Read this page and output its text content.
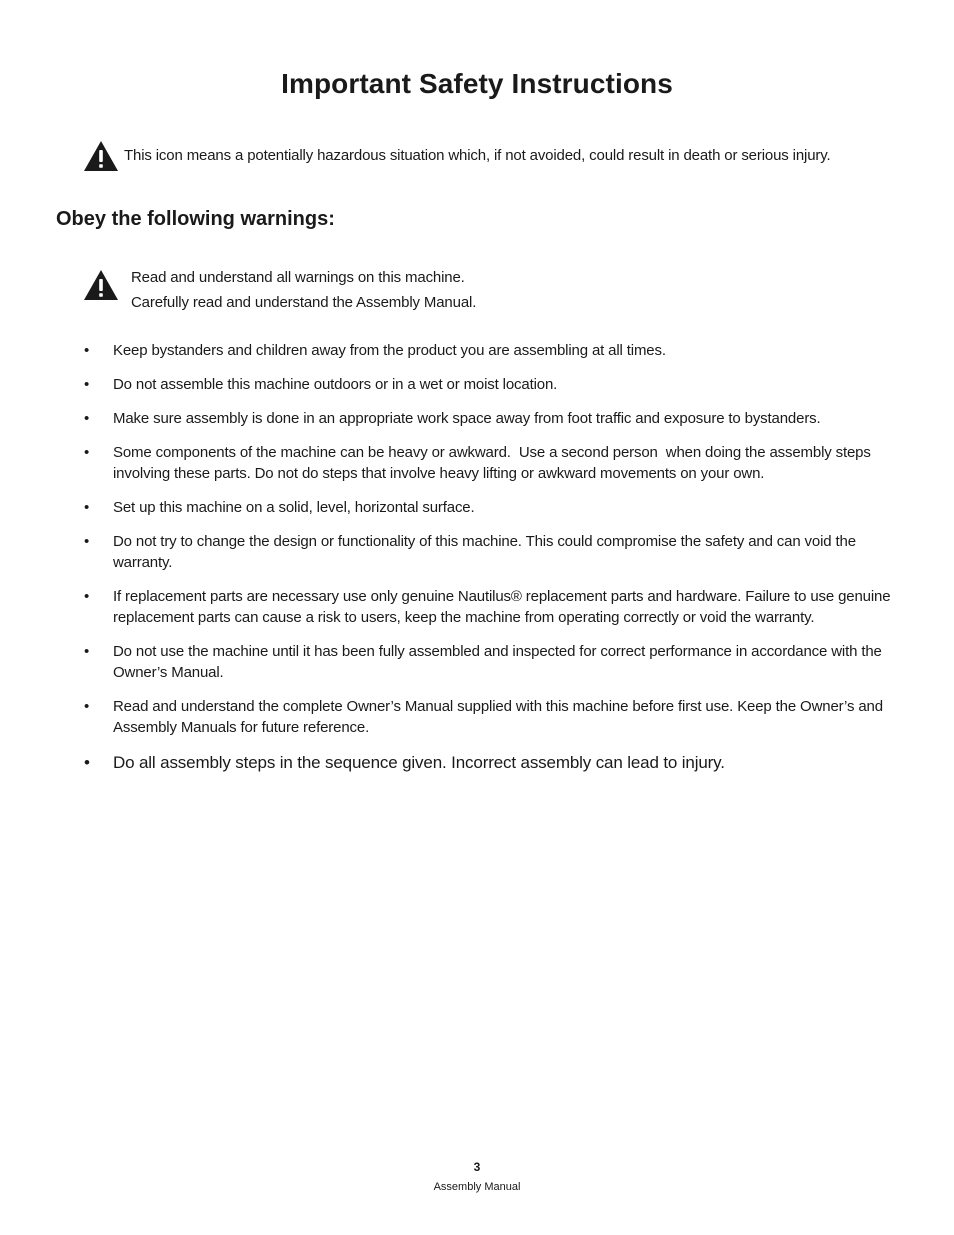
Important Safety Instructions
This icon means a potentially hazardous situation which, if not avoided, could result in death or serious injury.
Obey the following warnings:
Read and understand all warnings on this machine.
Carefully read and understand the Assembly Manual.
• Keep bystanders and children away from the product you are assembling at all times.
• Do not assemble this machine outdoors or in a wet or moist location.
• Make sure assembly is done in an appropriate work space away from foot traffic and exposure to bystanders.
• Some components of the machine can be heavy or awkward.  Use a second person  when doing the assembly steps involving these parts. Do not do steps that involve heavy lifting or awkward movements on your own.
• Set up this machine on a solid, level, horizontal surface.
• Do not try to change the design or functionality of this machine. This could compromise the safety and can void the warranty.
• If replacement parts are necessary use only genuine Nautilus® replacement parts and hardware. Failure to use genuine replacement parts can cause a risk to users, keep the machine from operating correctly or void the warranty.
• Do not use the machine until it has been fully assembled and inspected for correct performance in accordance with the Owner’s Manual.
• Read and understand the complete Owner’s Manual supplied with this machine before first use. Keep the Owner’s and Assembly Manuals for future reference.
• Do all assembly steps in the sequence given. Incorrect assembly can lead to injury.
3
Assembly Manual
